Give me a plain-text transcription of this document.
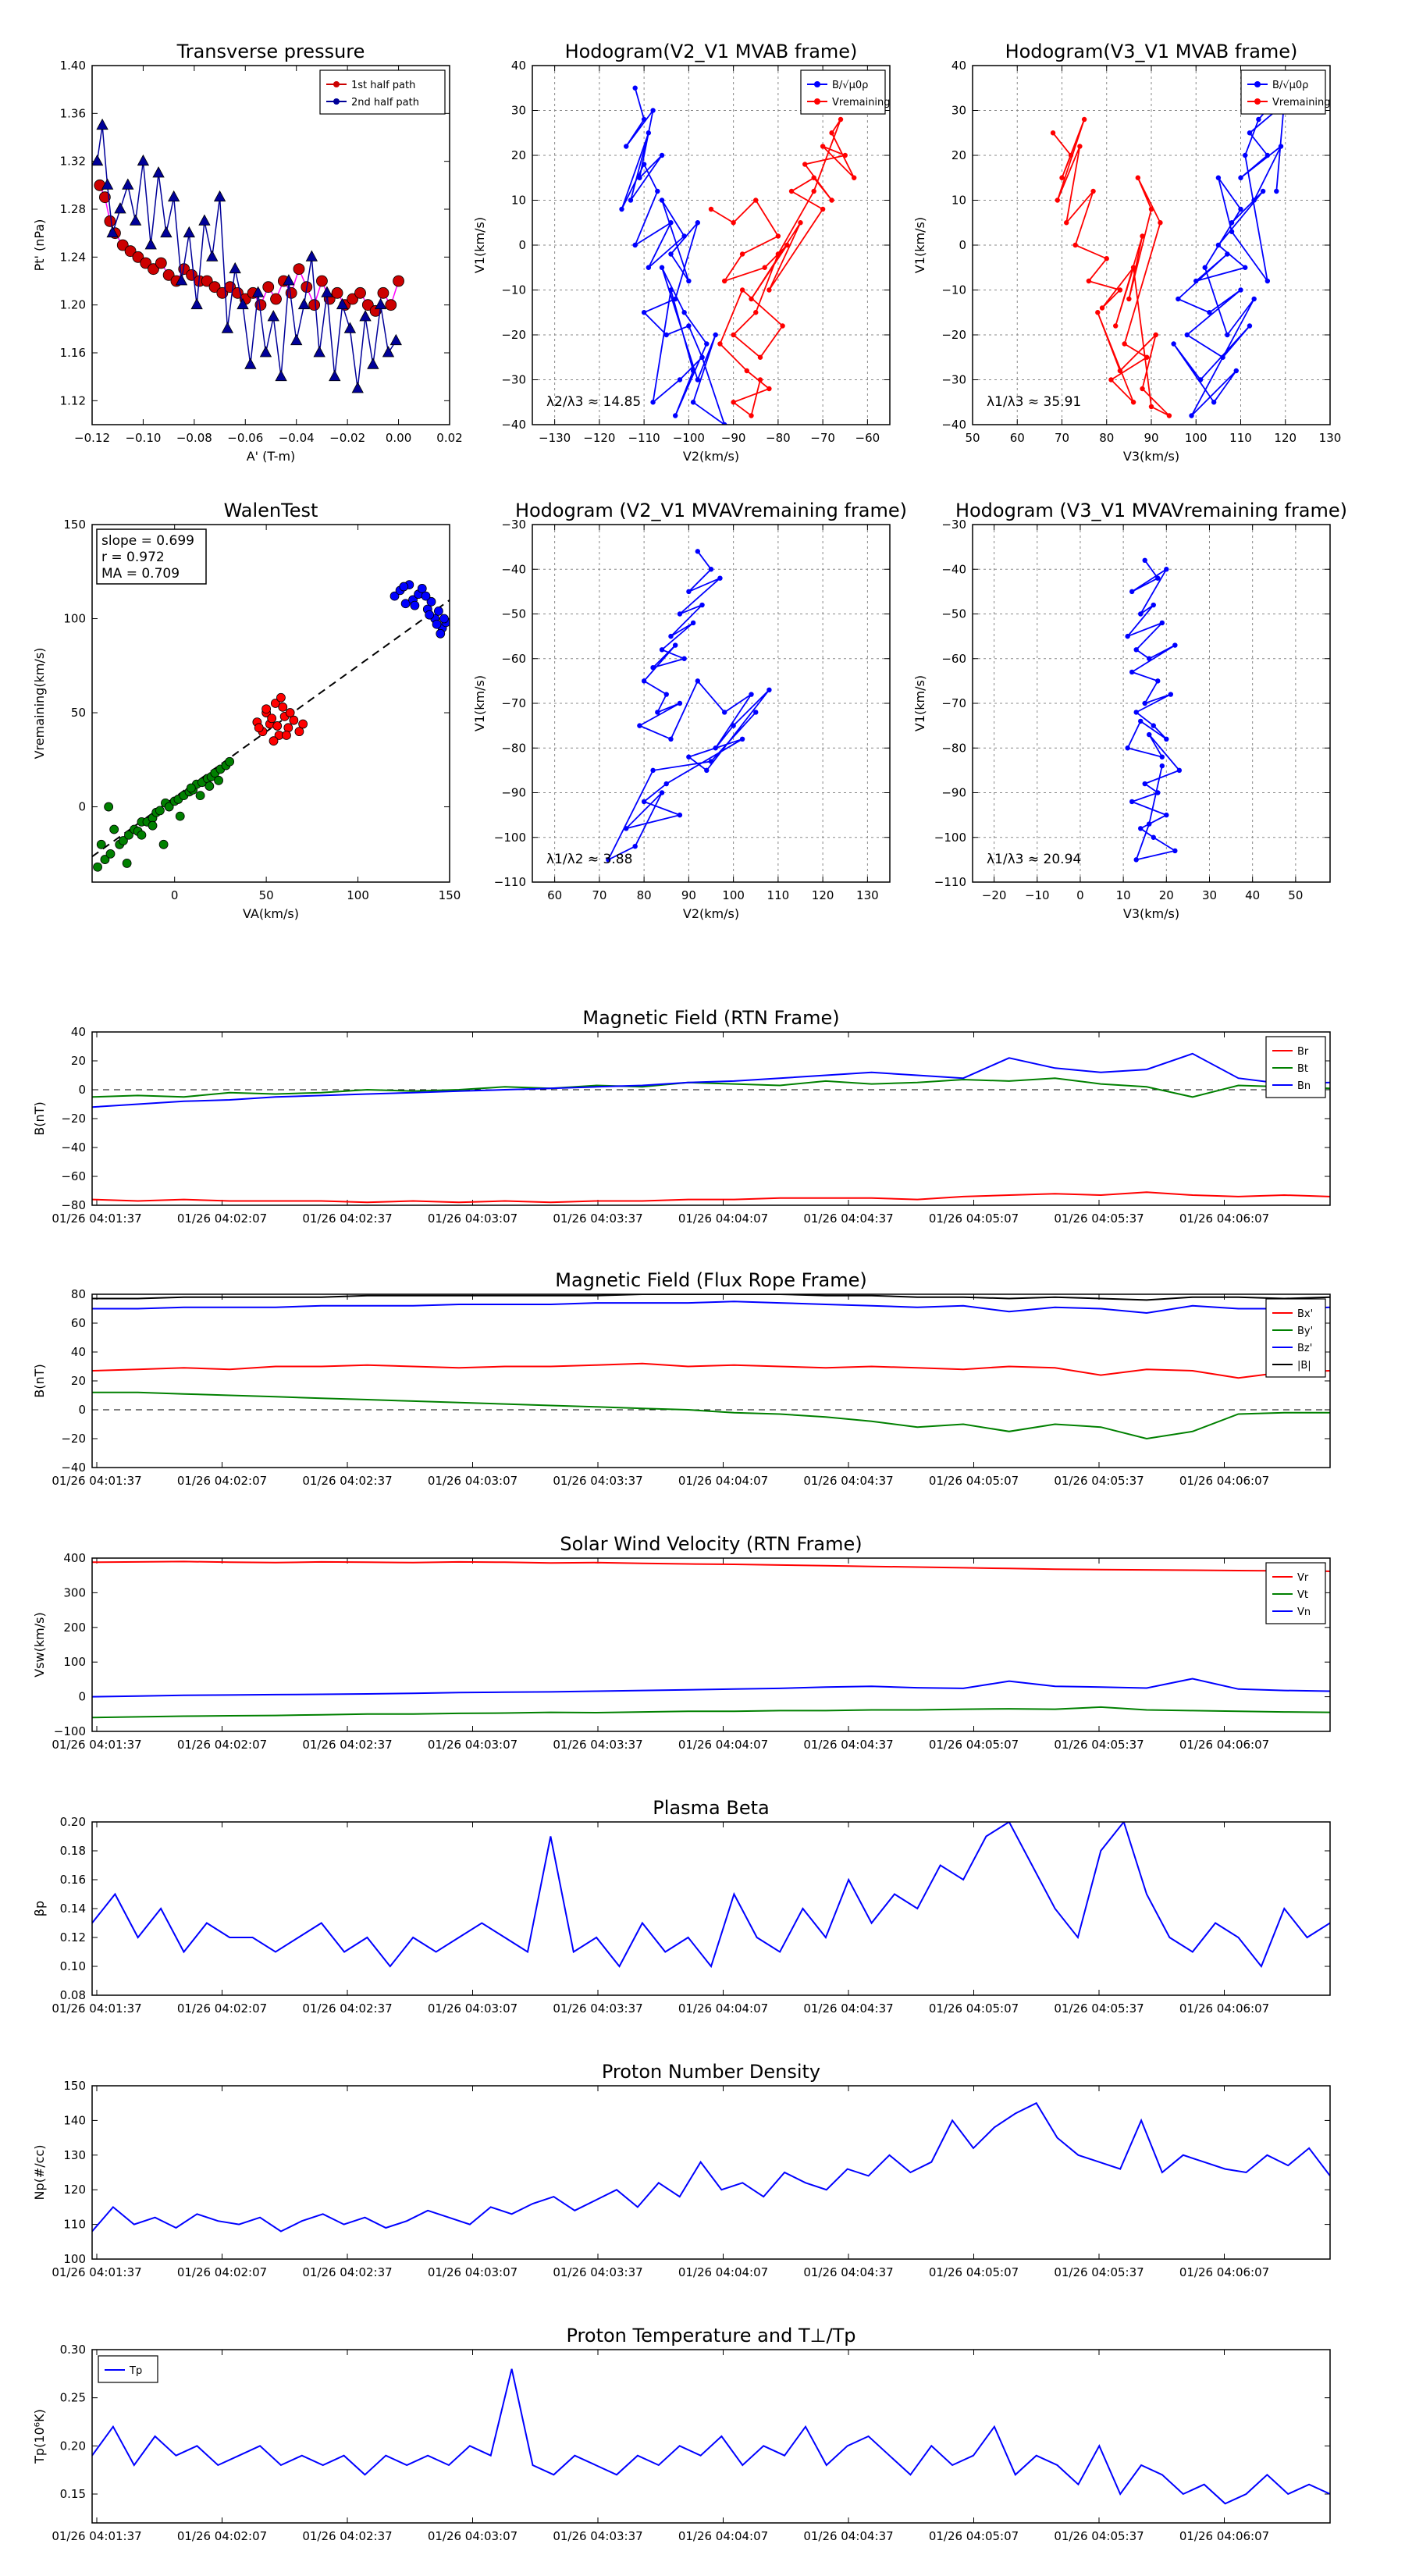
Transverse pressure
1.12
1.16
1.20
1.24
1.28
1.32
1.36
1.40
−0.12 −0.10 −0.08 −0.06 −0.04 −0.02 0.00 0.02
A' (T-m)
Pt' (nPa)
1st half path
2nd half path
Hodogram(V2_V1 MVAB frame)
−40
−30
−20
−10
0
10
20
30
40
−130 −120 −110 −100 −90 −80 −70 −60
V2(km/s)
V1(km/s)
λ2/λ3 ≈ 14.85
B/√μ0ρ
Vremaining
Hodogram(V3_V1 MVAB frame)
−40
−30
−20
−10
0
10
20
30
40
50	60	70	80	90 100 110 120 130
V3(km/s)
V1(km/s)
λ1/λ3 ≈ 35.91
B/√μ0ρ
Vremaining
WalenTest
0
50
100
150
0	50	100	150
VA(km/s)
Vremaining(km/s)
slope = 0.699
r = 0.972
MA = 0.709
Hodogram (V2_V1 MVAVremaining frame)
−110
−100
−90
−80
−70
−60
−50
−40
−30
60	70	80	90 100 110 120 130
V2(km/s)
V1(km/s)
λ1/λ2 ≈ 3.88
Hodogram (V3_V1 MVAVremaining frame)
−110
−100
−90
−80
−70
−60
−50
−40
−30
−20 −10 0	10 20 30 40 50
V3(km/s)
V1(km/s)
λ1/λ3 ≈ 20.94
Magnetic Field (RTN Frame)
−80
−60
−40
−20
0
20
40
01/26 04:01:37	01/26 04:02:07	01/26 04:02:37	01/26 04:03:07	01/26 04:03:37	01/26 04:04:07	01/26 04:04:37	01/26 04:05:07	01/26 04:05:37	01/26 04:06:07
B(nT)
Br
Bt
Bn
Magnetic Field (Flux Rope Frame)
−40
−20
0
20
40
60
80
01/26 04:01:37	01/26 04:02:07	01/26 04:02:37	01/26 04:03:07	01/26 04:03:37	01/26 04:04:07	01/26 04:04:37	01/26 04:05:07	01/26 04:05:37	01/26 04:06:07
B(nT)
Bx'
By'
Bz'
|B|
Solar Wind Velocity (RTN Frame)
−100
0
100
200
300
400
01/26 04:01:37	01/26 04:02:07	01/26 04:02:37	01/26 04:03:07	01/26 04:03:37	01/26 04:04:07	01/26 04:04:37	01/26 04:05:07	01/26 04:05:37	01/26 04:06:07
Vsw(km/s)
Vr
Vt
Vn
Plasma Beta
0.08
0.10
0.12
0.14
0.16
0.18
0.20
01/26 04:01:37	01/26 04:02:07	01/26 04:02:37	01/26 04:03:07	01/26 04:03:37	01/26 04:04:07	01/26 04:04:37	01/26 04:05:07	01/26 04:05:37	01/26 04:06:07
βp
Proton Number Density
100
110
120
130
140
150
01/26 04:01:37	01/26 04:02:07	01/26 04:02:37	01/26 04:03:07	01/26 04:03:37	01/26 04:04:07	01/26 04:04:37	01/26 04:05:07	01/26 04:05:37	01/26 04:06:07
Np(#/cc)
Proton Temperature and T⊥/Tp
0.15
0.20
0.25
0.30
01/26 04:01:37	01/26 04:02:07	01/26 04:02:37	01/26 04:03:07	01/26 04:03:37	01/26 04:04:07	01/26 04:04:37	01/26 04:05:07	01/26 04:05:37	01/26 04:06:07
Tp(10⁶K)
Tp
